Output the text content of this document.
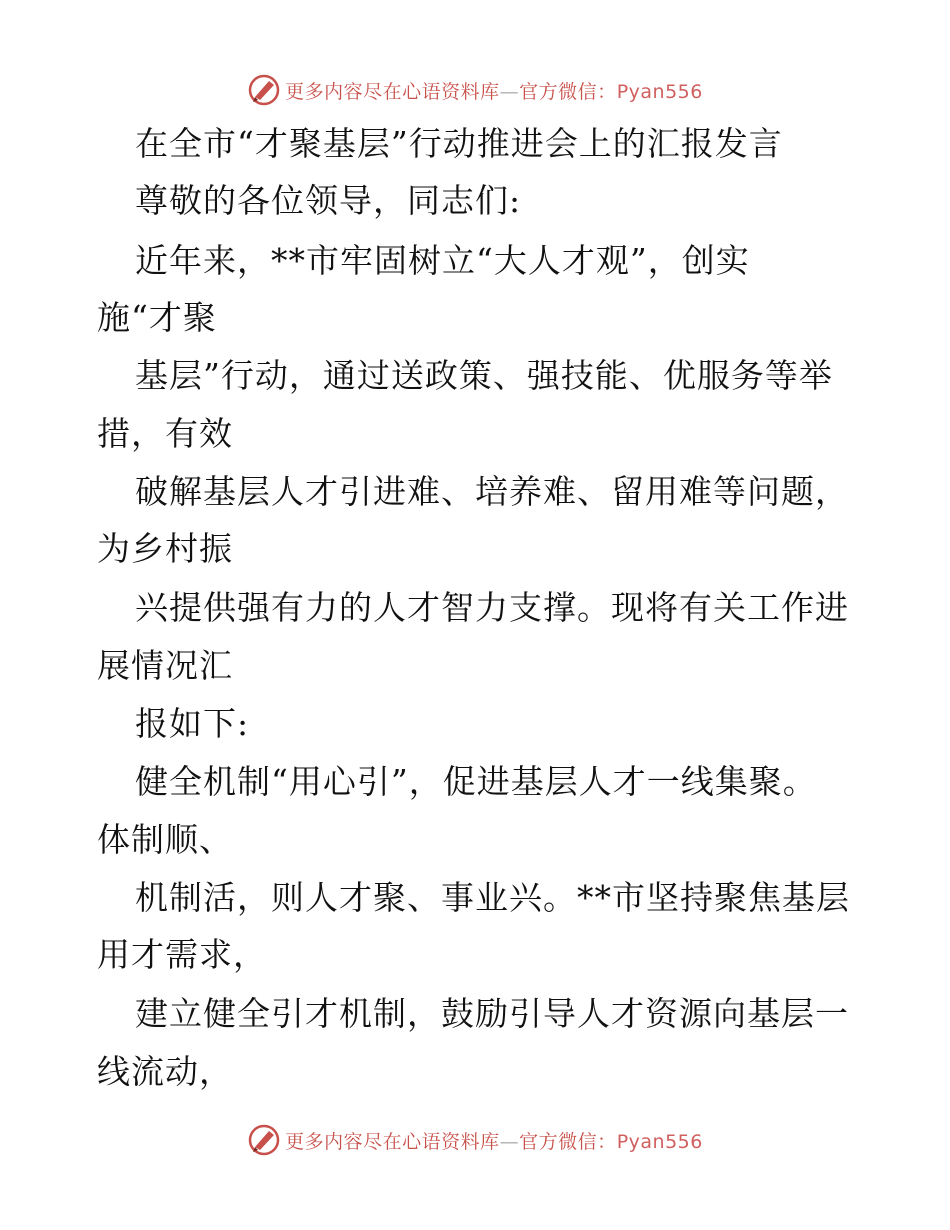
更多内容尽在心语资料库—官方微信：Pyan556
在全市“才聚基层”行动推进会上的汇报发言
尊敬的各位领导，同志们:
近年来，**市牢固树立“大人才观”，创实
施“才聚
基层”行动，通过送政策、强技能、优服务等举
措，有效
破解基层人才引进难、培养难、留用难等问题，
为乡村振
兴提供强有力的人才智力支撑。现将有关工作进
展情况汇
报如下:
健全机制“用心引”，促进基层人才一线集聚。
体制顺、
机制活，则人才聚、事业兴。**市坚持聚焦基层
用才需求，
建立健全引才机制，鼓励引导人才资源向基层一
线流动，
更多内容尽在心语资料库—官方微信：Pyan556
